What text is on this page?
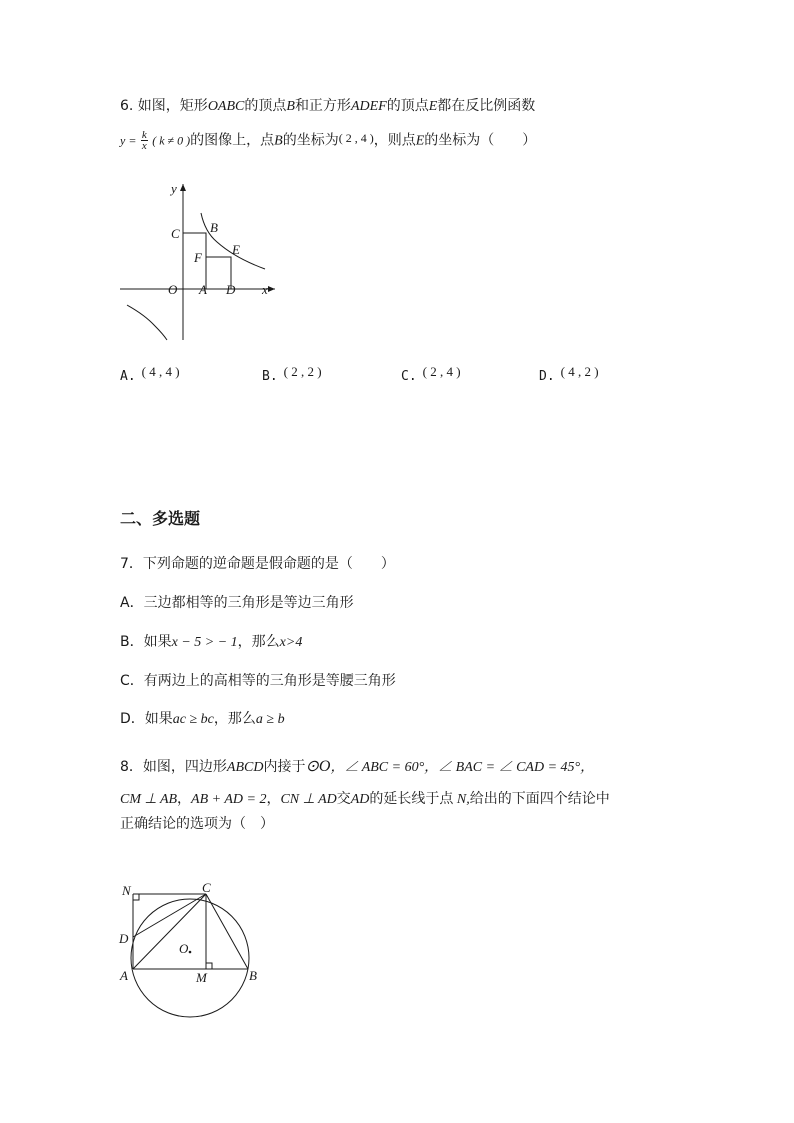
6. 如图，矩形OABC的顶点B和正方形ADEF的顶点E都在反比例函数
$y = \frac{k}{x}$ ( k ≠ 0 )的图像上，点B的坐标为( 2 , 4 )，则点E的坐标为（　　）
y
x
O A D
C B
F
E
A. ( 4 , 4 )	B. ( 2 , 2 )	C. ( 2 , 4 )	D. ( 4 , 2 )
二、多选题
7．下列命题的逆命题是假命题的是（　　）
A．三边都相等的三角形是等边三角形
B．如果x − 5 > − 1，那么x>4
C．有两边上的高相等的三角形是等腰三角形
D．如果ac ≥ bc，那么a ≥ b
8．如图，四边形ABCD内接于⊙O，∠ ABC = 60°，∠ BAC = ∠ CAD = 45°，
CM ⊥ AB，AB + AD = 2，CN ⊥ AD交AD的延长线于点 N,给出的下面四个结论中
正确结论的选项为（　）
N	C
D
O
A	M	B
